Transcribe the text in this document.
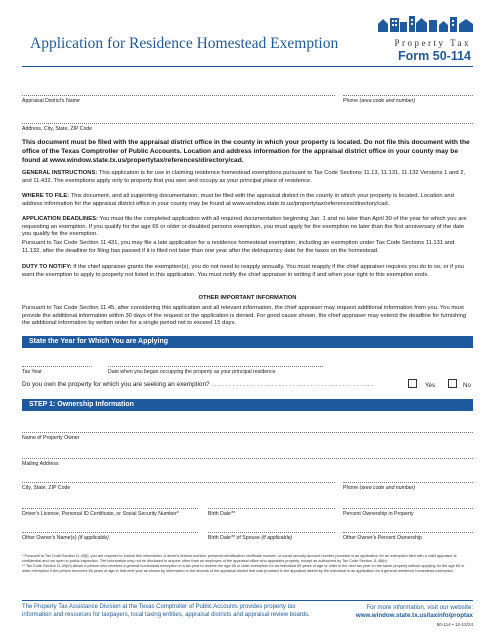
Application for Residence Homestead Exemption	Property Tax
Form 50-114
Appraisal District's Name	Phone (area code and number)
Address, City, State, ZIP Code
This document must be filed with the appraisal district office in the county in which your property is located. Do not file this document with the office of the Texas Comptroller of Public Accounts. Location and address information for the appraisal district office in your county may be found at www.window.state.tx.us/propertytax/references/directory/cad.
GENERAL INSTRUCTIONS: This application is for use in claiming residence homestead exemptions pursuant to Tax Code Sections 11.13, 11.131, 11.132 Versions 1 and 2, and 11.432. The exemptions apply only to property that you own and occupy as your principal place of residence.
WHERE TO FILE: This document, and all supporting documentation, must be filed with the appraisal district in the county in which your property is located. Location and address information for the appraisal district office in your county may be found at www.window.state.tx.us/propertytax/references/directory/cad.
APPLICATION DEADLINES: You must file the completed application with all required documentation beginning Jan. 1 and no later than April 30 of the year for which you are requesting an exemption. If you qualify for the age 65 or older or disabled persons exemption, you must apply for the exemption no later than the first anniversary of the date you qualify for the exemption.
Pursuant to Tax Code Section 11.431, you may file a late application for a residence homestead exemption, including an exemption under Tax Code Sections 11.131 and 11.132, after the deadline for filing has passed if it is filed not later than one year after the delinquency date for the taxes on the homestead.
DUTY TO NOTIFY: If the chief appraiser grants the exemption(s), you do not need to reapply annually. You must reapply if the chief appraiser requires you do to so, or if you want the exemption to apply to property not listed in this application. You must notify the chief appraiser in writing if and when your right to this exemption ends.
OTHER IMPORTANT INFORMATION
Pursuant to Tax Code Section 11.45, after considering this application and all relevant information, the chief appraiser may request additional information from you. You must provide the additional information within 30 days of the request or the application is denied. For good cause shown, the chief appraiser may extend the deadline for furnishing the additional information by written order for a single period not to exceed 15 days.
State the Year for Which You are Applying
Tax Year	Date when you began occupying the property as your principal residence
Do you own the property for which you are seeking an exemption? . . . . . . . . . . . . . . . . . . . . . . . . . . . . . . . . . . . . . . . . . . . . . .	Yes	No
STEP 1: Ownership Information
Name of Property Owner
Mailing Address
City, State, ZIP Code	Phone (area code and number)
Driver's License, Personal ID Certificate, or Social Security Number*	Birth Date**	Percent Ownership in Property
Other Owner's Name(s) (if applicable)	Birth Date** of Spouse (if applicable)	Other Owner's Percent Ownership
* Pursuant to Tax Code Section 11.43(f), you are required to furnish this information. A driver's license number, personal identification certificate number, or social security account number provided in an application for an exemption filed with a chief appraiser is confidential and not open to public inspection. The information may not be disclosed to anyone other than an employee of the appraisal office who appraises property, except as authorized by Tax Code Section 11.48(b).
** Tax Code Section 11.43(m) allows a person who receives a general homestead exemption in a tax year to receive the age 65 or older exemption for an individual 65 years of age or older in the next tax year on the same property without applying for the age 65 or older exemption if the person becomes 65 years of age in that next year as shown by information in the records of the appraisal district that was provided to the appraisal district by the individual in an application for a general residence homestead exemption.
The Property Tax Assistance Division at the Texas Comptroller of Public Accounts provides property tax information and resources for taxpayers, local taxing entities, appraisal districts and appraisal review boards.
For more information, visit our website:
www.window.state.tx.us/taxinfo/proptax
50-114 • 12-13/24
